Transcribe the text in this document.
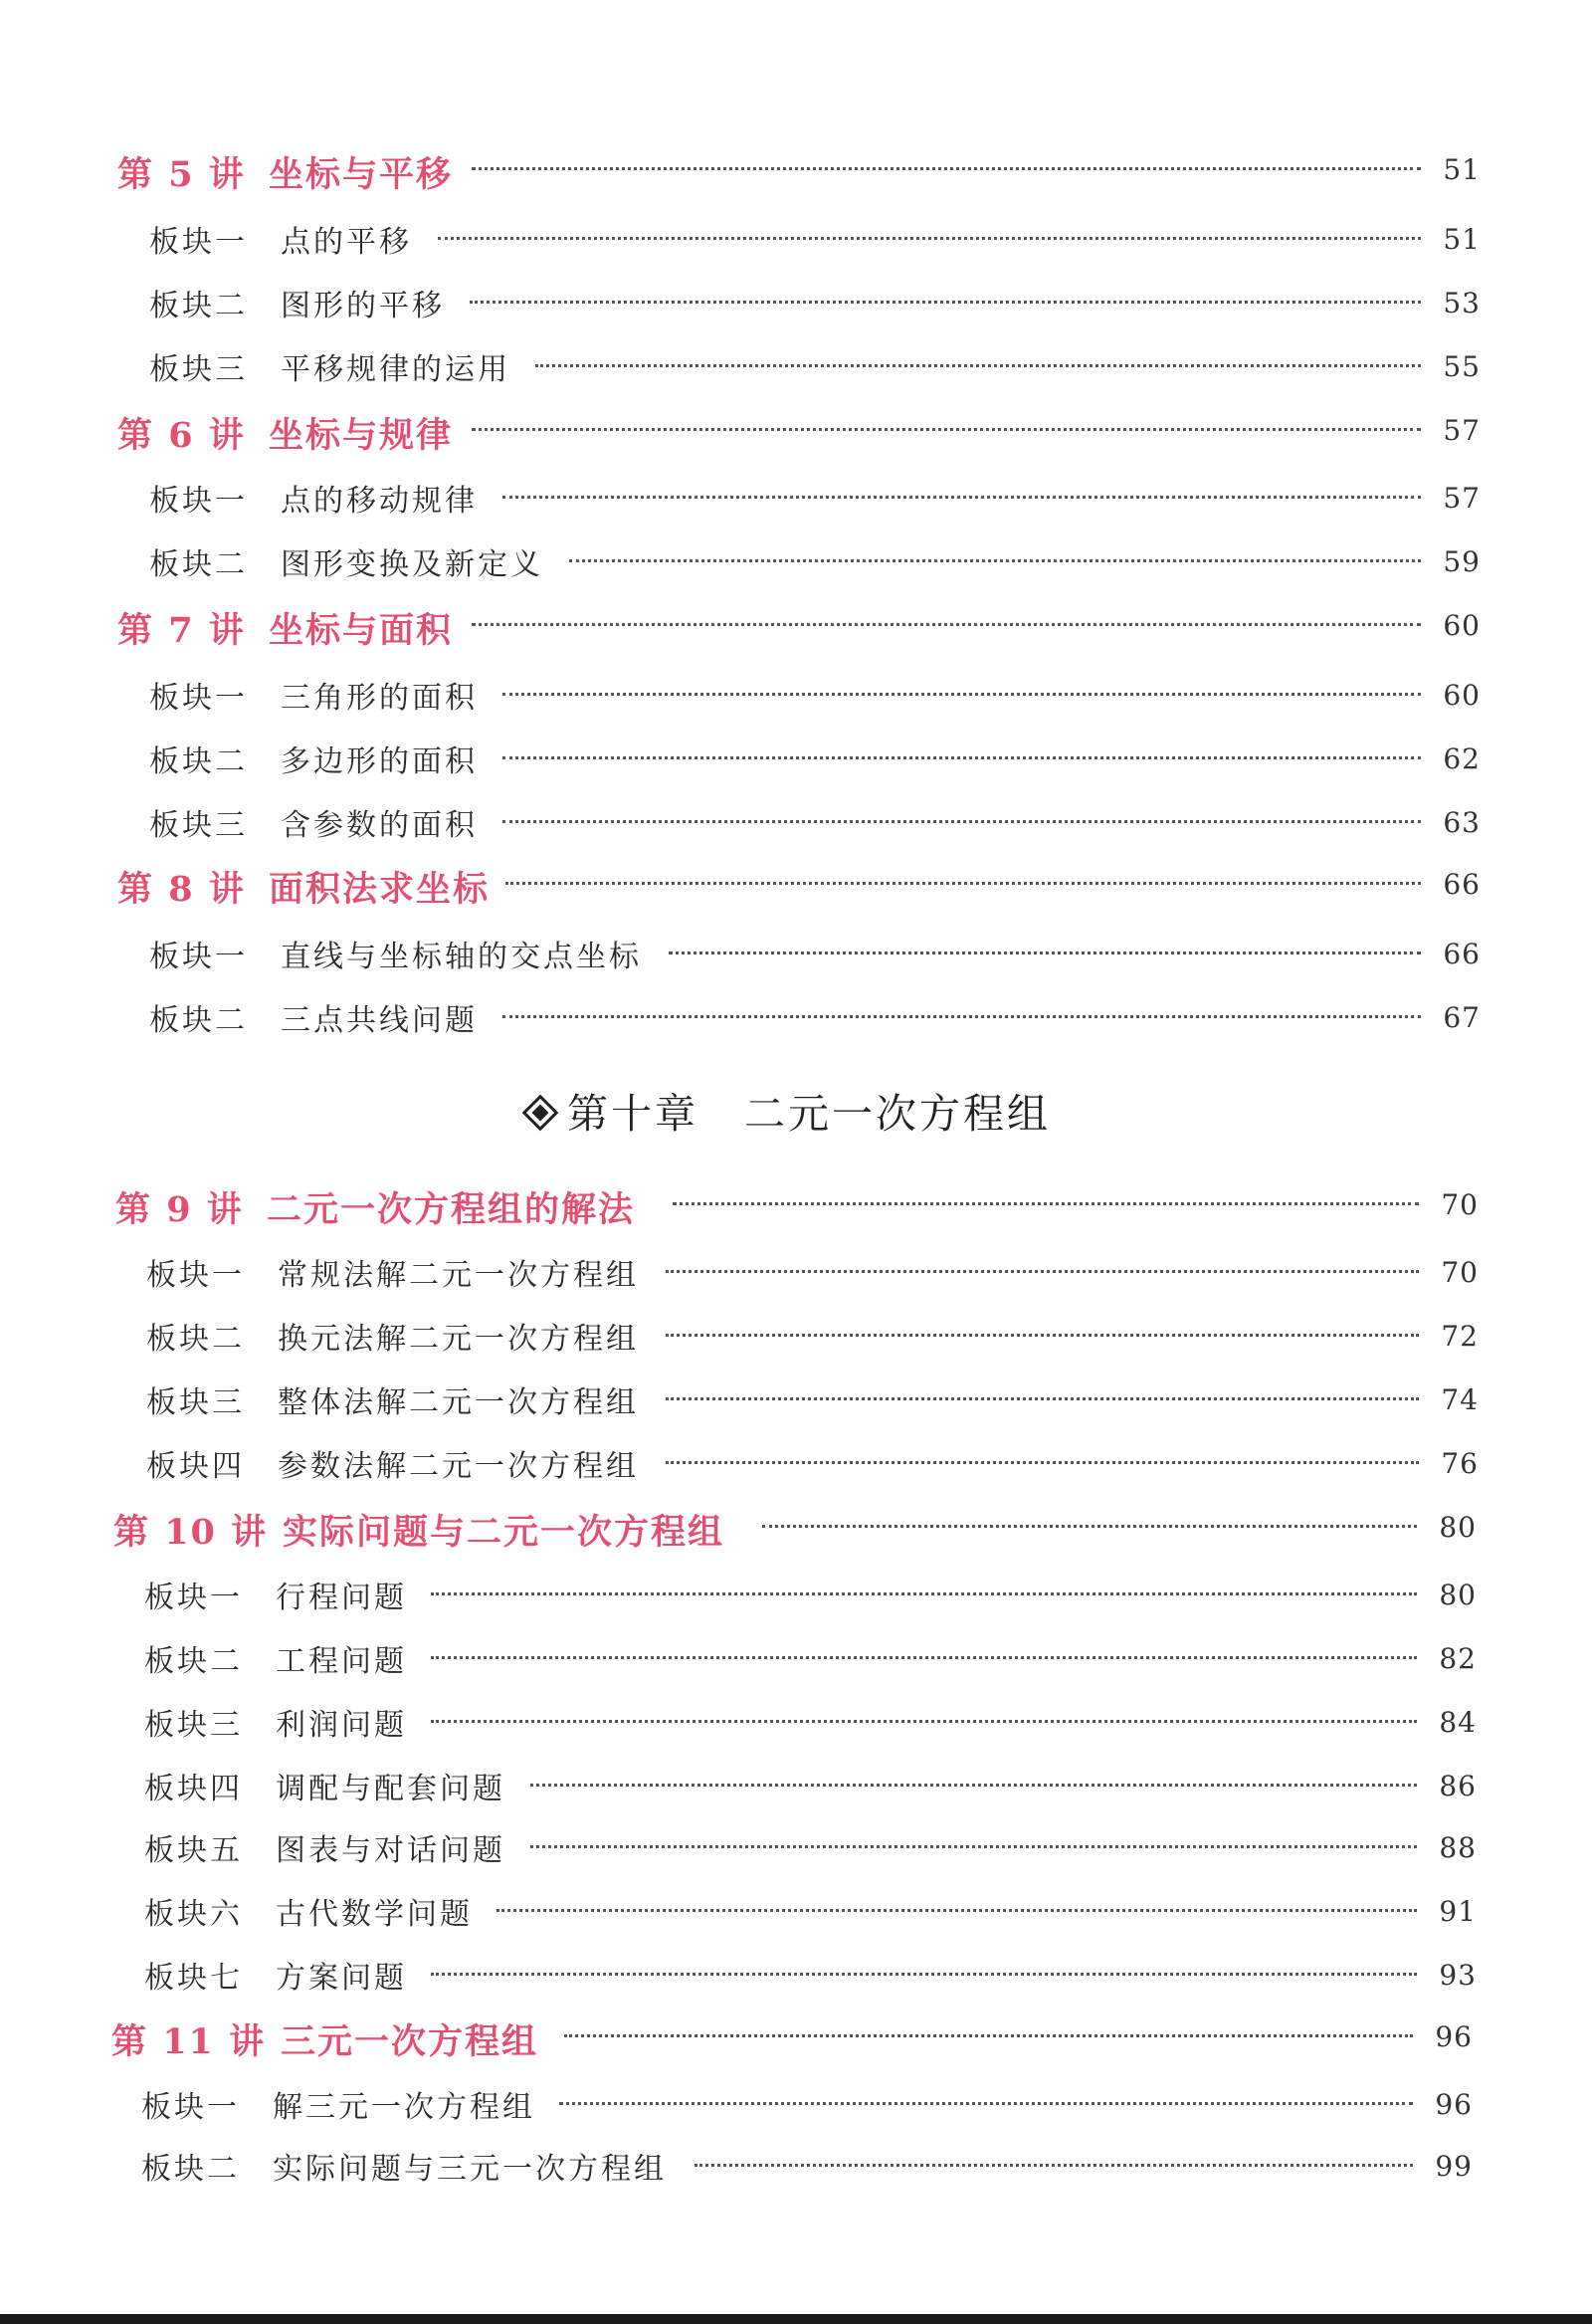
第 5 讲 坐标与平移	51
板块一 点的平移	51
板块二 图形的平移	53
板块三 平移规律的运用	55
第 6 讲 坐标与规律	57
板块一 点的移动规律	57
板块二 图形变换及新定义	59
第 7 讲 坐标与面积	60
板块一 三角形的面积	60
板块二 多边形的面积	62
板块三 含参数的面积	63
第 8 讲 面积法求坐标	66
板块一 直线与坐标轴的交点坐标	66
板块二 三点共线问题	67
第十章 二元一次方程组
第 9 讲 二元一次方程组的解法	70
板块一 常规法解二元一次方程组	70
板块二 换元法解二元一次方程组	72
板块三 整体法解二元一次方程组	74
板块四 参数法解二元一次方程组	76
第 10 讲 实际问题与二元一次方程组	80
板块一 行程问题	80
板块二 工程问题	82
板块三 利润问题	84
板块四 调配与配套问题	86
板块五 图表与对话问题	88
板块六 古代数学问题	91
板块七 方案问题	93
第 11 讲 三元一次方程组	96
板块一 解三元一次方程组	96
板块二 实际问题与三元一次方程组	99
